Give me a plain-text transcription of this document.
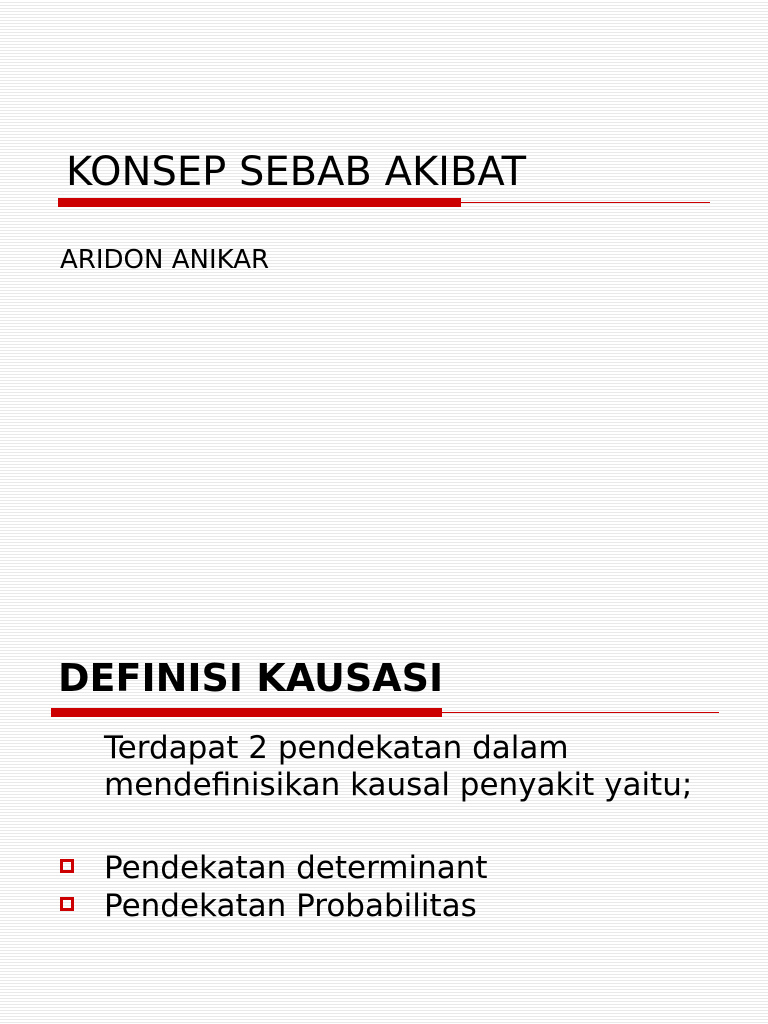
KONSEP SEBAB AKIBAT

ARIDON ANIKAR

DEFINISI KAUSASI

Terdapat 2 pendekatan dalam mendefinisikan kausal penyakit yaitu;

Pendekatan determinant
Pendekatan Probabilitas
